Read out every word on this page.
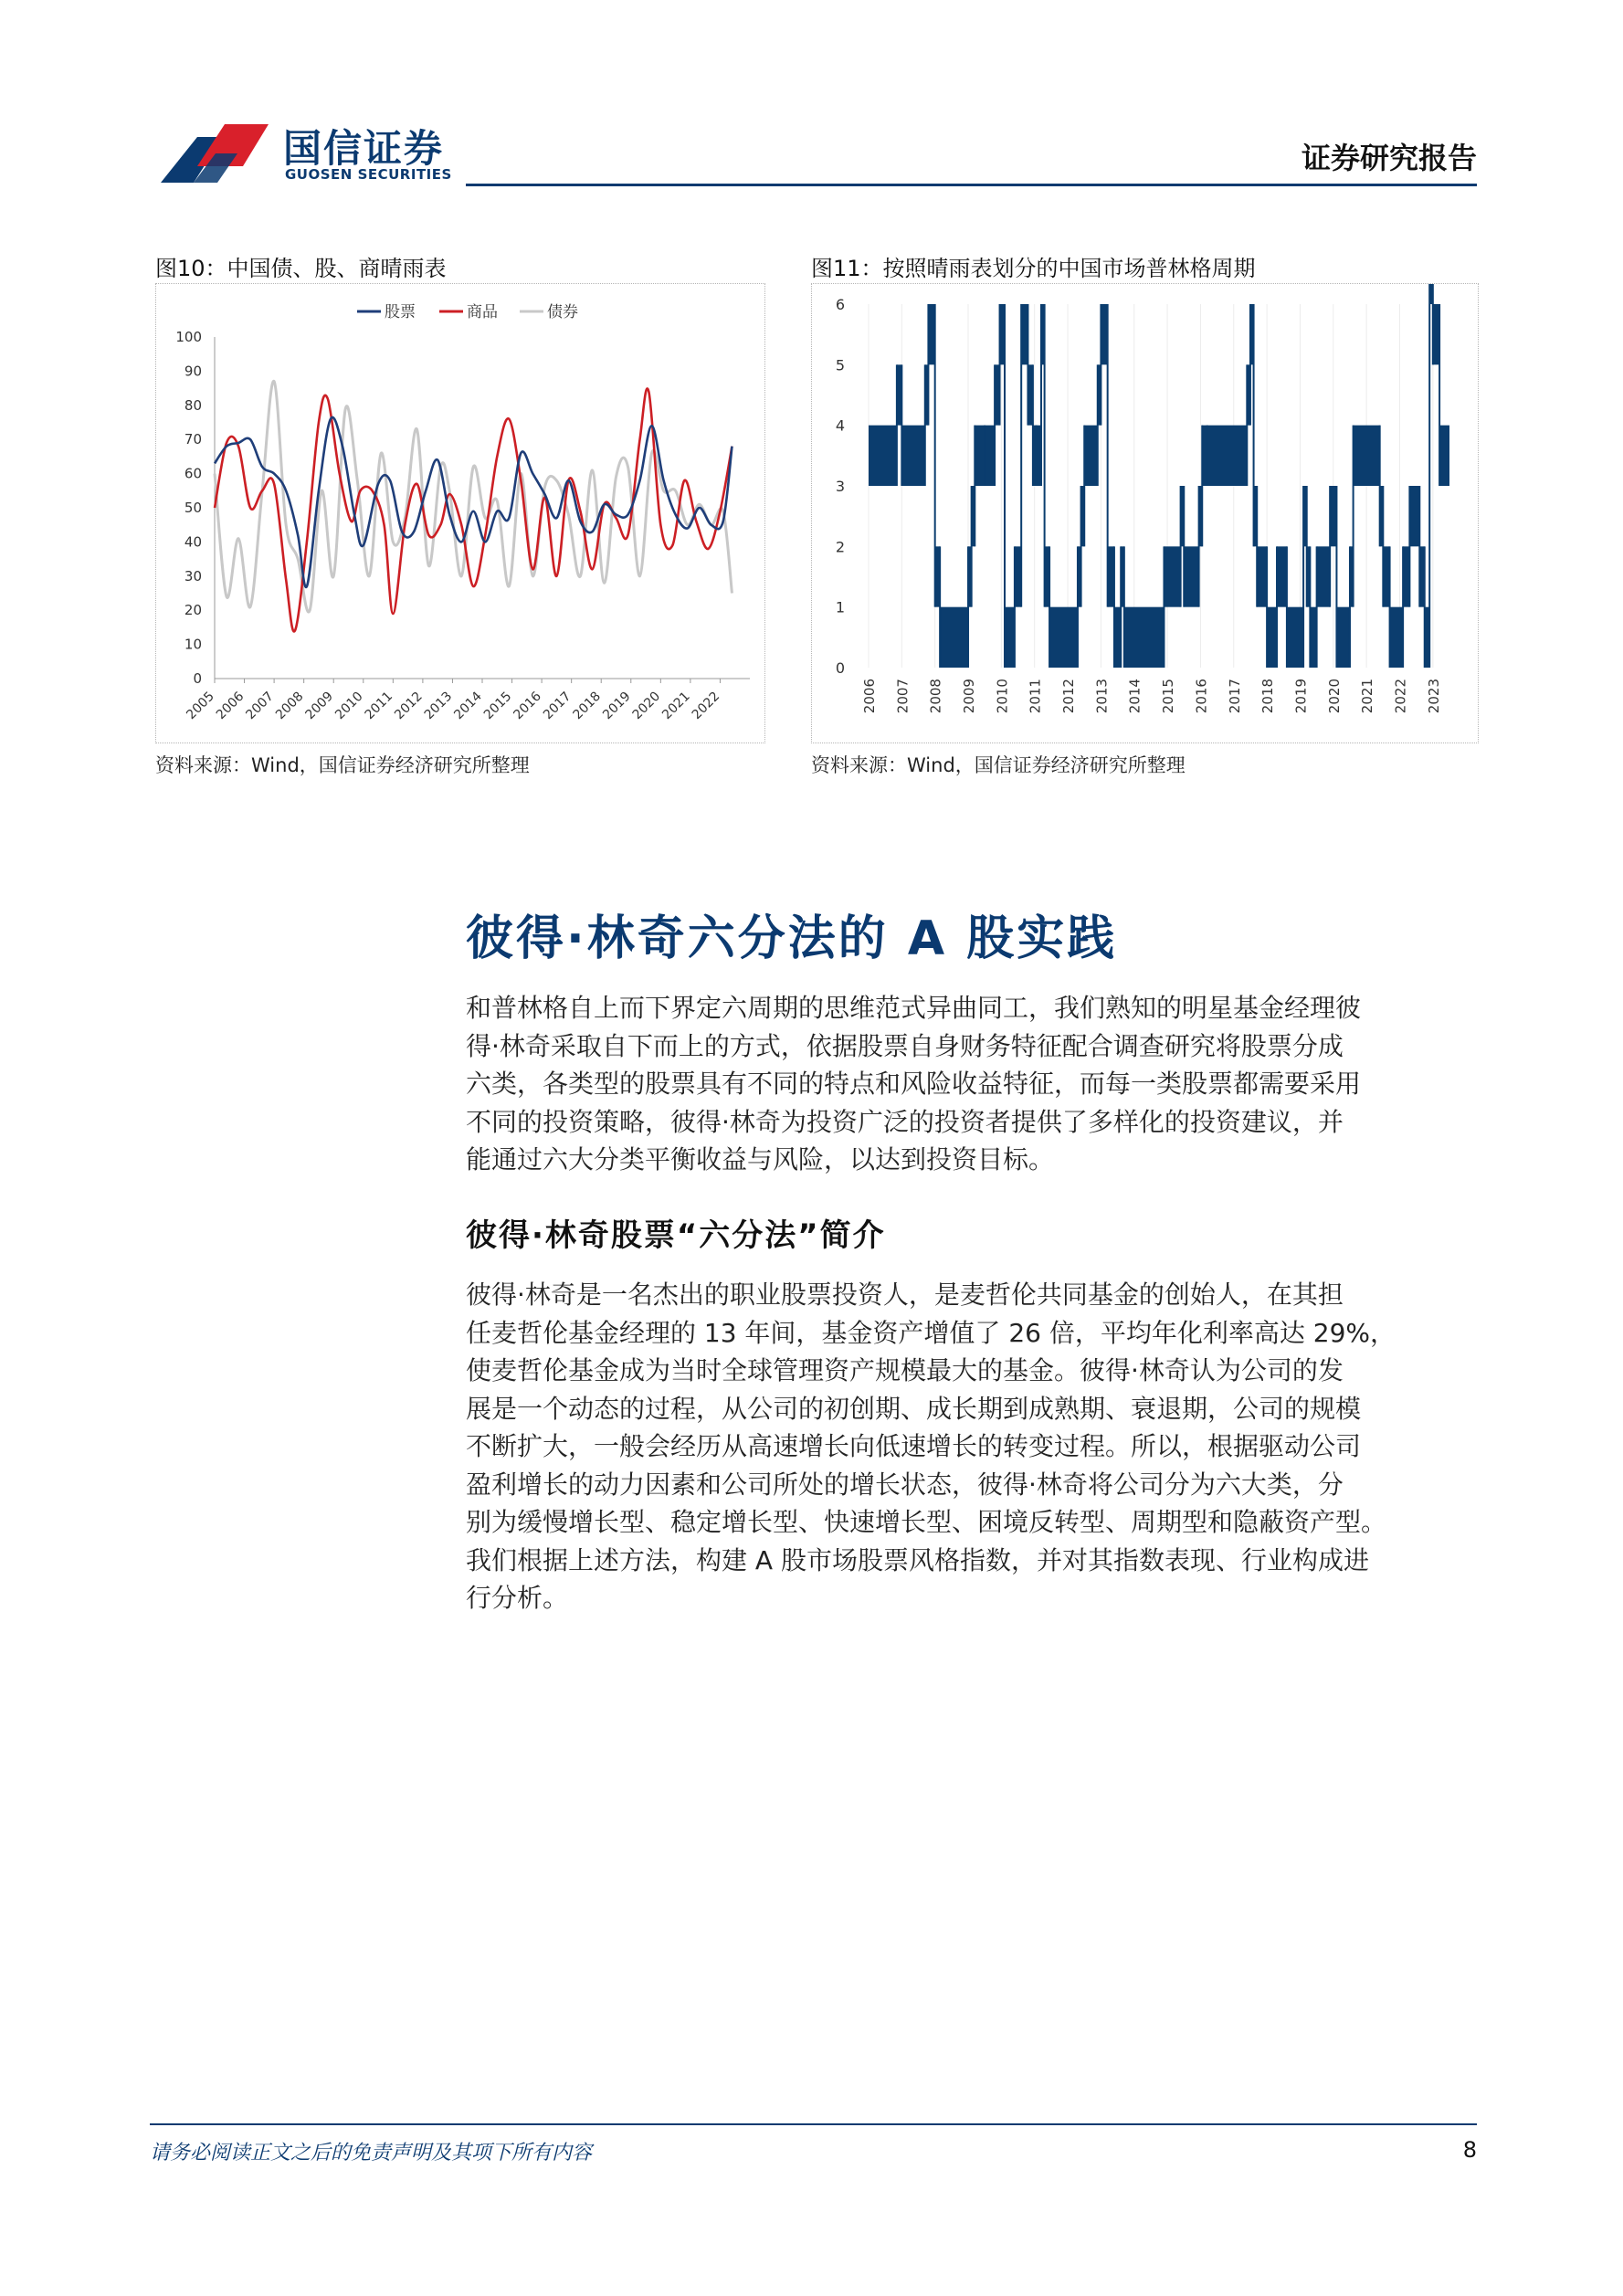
国信证券
GUOSEN SECURITIES	证券研究报告
图10：中国债、股、商晴雨表
0
10
20
30
40
50
60
70
80
90
100
2005
2006
2007
2008
2009
2010
2011
2012
2013
2014
2015
2016
2017
2018
2019
2020
2021
2022
股票	商品	债券
资料来源：Wind，国信证券经济研究所整理
图11：按照晴雨表划分的中国市场普林格周期
0
1
2
3
4
5
6
2006 2007 2008 2009 2010 2011 2012 2013 2014 2015 2016 2017 2018 2019 2020 2021 2022 2023
资料来源：Wind，国信证券经济研究所整理
彼得·林奇六分法的 A 股实践
和普林格自上而下界定六周期的思维范式异曲同工，我们熟知的明星基金经理彼
得·林奇采取自下而上的方式，依据股票自身财务特征配合调查研究将股票分成
六类，各类型的股票具有不同的特点和风险收益特征，而每一类股票都需要采用
不同的投资策略，彼得·林奇为投资广泛的投资者提供了多样化的投资建议，并
能通过六大分类平衡收益与风险，以达到投资目标。
彼得·林奇股票“六分法”简介
彼得·林奇是一名杰出的职业股票投资人，是麦哲伦共同基金的创始人，在其担
任麦哲伦基金经理的 13 年间，基金资产增值了 26 倍，平均年化利率高达 29%，
使麦哲伦基金成为当时全球管理资产规模最大的基金。彼得·林奇认为公司的发
展是一个动态的过程，从公司的初创期、成长期到成熟期、衰退期，公司的规模
不断扩大，一般会经历从高速增长向低速增长的转变过程。所以，根据驱动公司
盈利增长的动力因素和公司所处的增长状态，彼得·林奇将公司分为六大类，分
别为缓慢增长型、稳定增长型、快速增长型、困境反转型、周期型和隐蔽资产型。
我们根据上述方法，构建 A 股市场股票风格指数，并对其指数表现、行业构成进
行分析。
请务必阅读正文之后的免责声明及其项下所有内容	8
